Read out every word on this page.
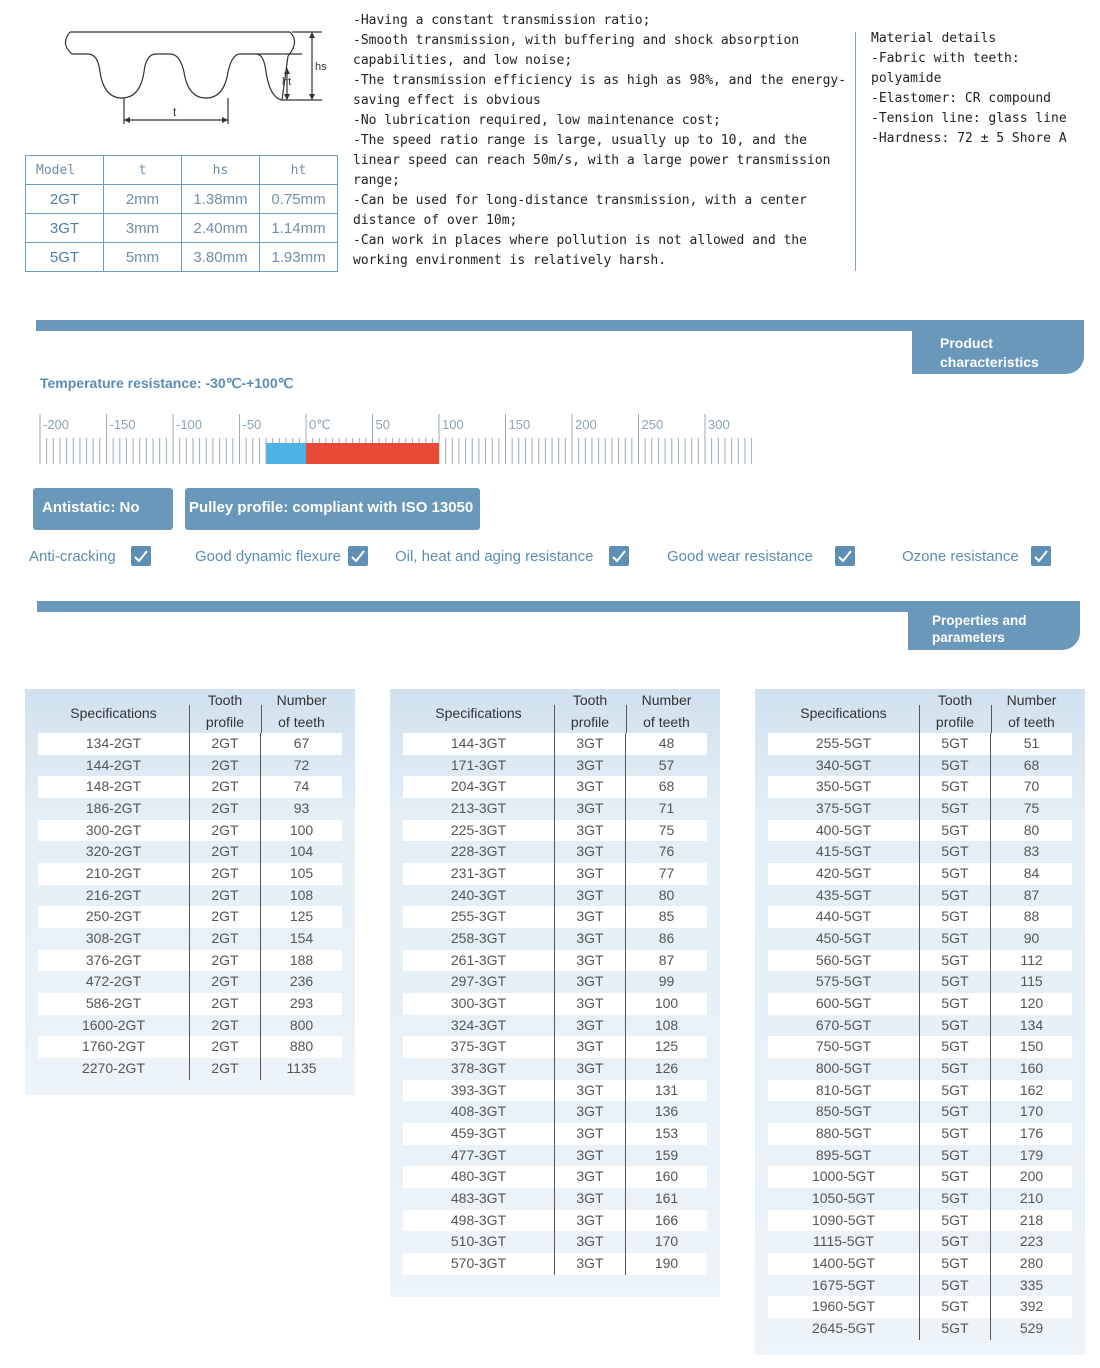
hs
ht
t
Model	t	hs	ht
2GT	2mm	1.38mm	0.75mm
3GT	3mm	2.40mm	1.14mm
5GT	5mm	3.80mm	1.93mm
-Having a constant transmission ratio;
-Smooth transmission, with buffering and shock absorption capabilities, and low noise;
-The transmission efficiency is as high as 98%, and the energy-saving effect is obvious
-No lubrication required, low maintenance cost;
-The speed ratio range is large, usually up to 10, and the linear speed can reach 50m/s, with a large power transmission range;
-Can be used for long-distance transmission, with a center distance of over 10m;
-Can work in places where pollution is not allowed and the working environment is relatively harsh.
Material details
-Fabric with teeth: polyamide
-Elastomer: CR compound
-Tension line: glass line
-Hardness: 72 ± 5 Shore A
Product characteristics
Temperature resistance: -30℃-+100℃
-200	-150	-100	-50	0℃	50	100	150	200	250	300
Antistatic: No	Pulley profile: compliant with ISO 13050
Anti-cracking	Good dynamic flexure	Oil, heat and aging resistance	Good wear resistance	Ozone resistance
Properties and parameters
Specifications
Tooth
profile
Number
of teeth
134-2GT	2GT	67
144-2GT	2GT	72
148-2GT	2GT	74
186-2GT	2GT	93
300-2GT	2GT	100
320-2GT	2GT	104
210-2GT	2GT	105
216-2GT	2GT	108
250-2GT	2GT	125
308-2GT	2GT	154
376-2GT	2GT	188
472-2GT	2GT	236
586-2GT	2GT	293
1600-2GT	2GT	800
1760-2GT	2GT	880
2270-2GT	2GT	1135
Specifications
Tooth
profile
Number
of teeth
144-3GT	3GT	48
171-3GT	3GT	57
204-3GT	3GT	68
213-3GT	3GT	71
225-3GT	3GT	75
228-3GT	3GT	76
231-3GT	3GT	77
240-3GT	3GT	80
255-3GT	3GT	85
258-3GT	3GT	86
261-3GT	3GT	87
297-3GT	3GT	99
300-3GT	3GT	100
324-3GT	3GT	108
375-3GT	3GT	125
378-3GT	3GT	126
393-3GT	3GT	131
408-3GT	3GT	136
459-3GT	3GT	153
477-3GT	3GT	159
480-3GT	3GT	160
483-3GT	3GT	161
498-3GT	3GT	166
510-3GT	3GT	170
570-3GT	3GT	190
Specifications
Tooth
profile
Number
of teeth
255-5GT	5GT	51
340-5GT	5GT	68
350-5GT	5GT	70
375-5GT	5GT	75
400-5GT	5GT	80
415-5GT	5GT	83
420-5GT	5GT	84
435-5GT	5GT	87
440-5GT	5GT	88
450-5GT	5GT	90
560-5GT	5GT	112
575-5GT	5GT	115
600-5GT	5GT	120
670-5GT	5GT	134
750-5GT	5GT	150
800-5GT	5GT	160
810-5GT	5GT	162
850-5GT	5GT	170
880-5GT	5GT	176
895-5GT	5GT	179
1000-5GT	5GT	200
1050-5GT	5GT	210
1090-5GT	5GT	218
1115-5GT	5GT	223
1400-5GT	5GT	280
1675-5GT	5GT	335
1960-5GT	5GT	392
2645-5GT	5GT	529
